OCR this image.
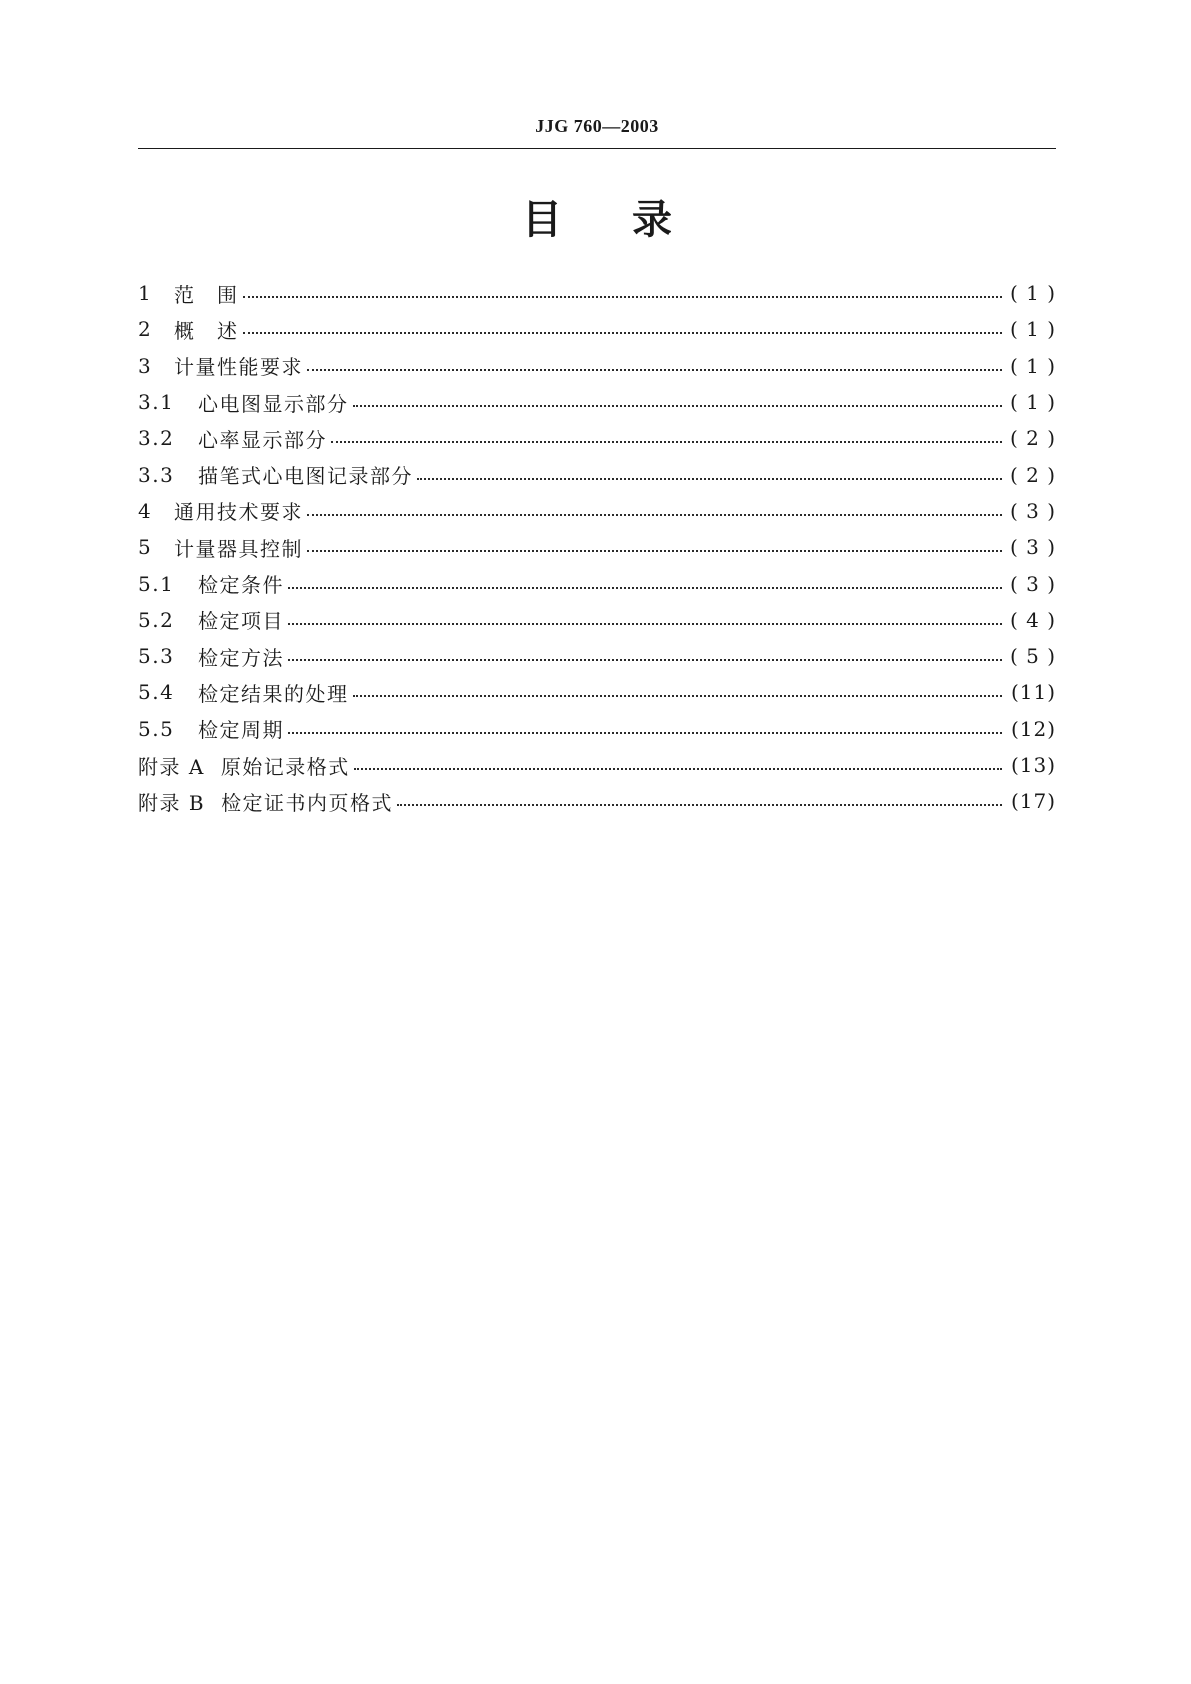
JJG 760—2003
目 录
1	范　围	( 1 )
2	概　述	( 1 )
3	计量性能要求	( 1 )
3.1	心电图显示部分	( 1 )
3.2	心率显示部分	( 2 )
3.3	描笔式心电图记录部分	( 2 )
4	通用技术要求	( 3 )
5	计量器具控制	( 3 )
5.1	检定条件	( 3 )
5.2	检定项目	( 4 )
5.3	检定方法	( 5 )
5.4	检定结果的处理	(11)
5.5	检定周期	(12)
附录 A 原始记录格式	(13)
附录 B 检定证书内页格式	(17)
